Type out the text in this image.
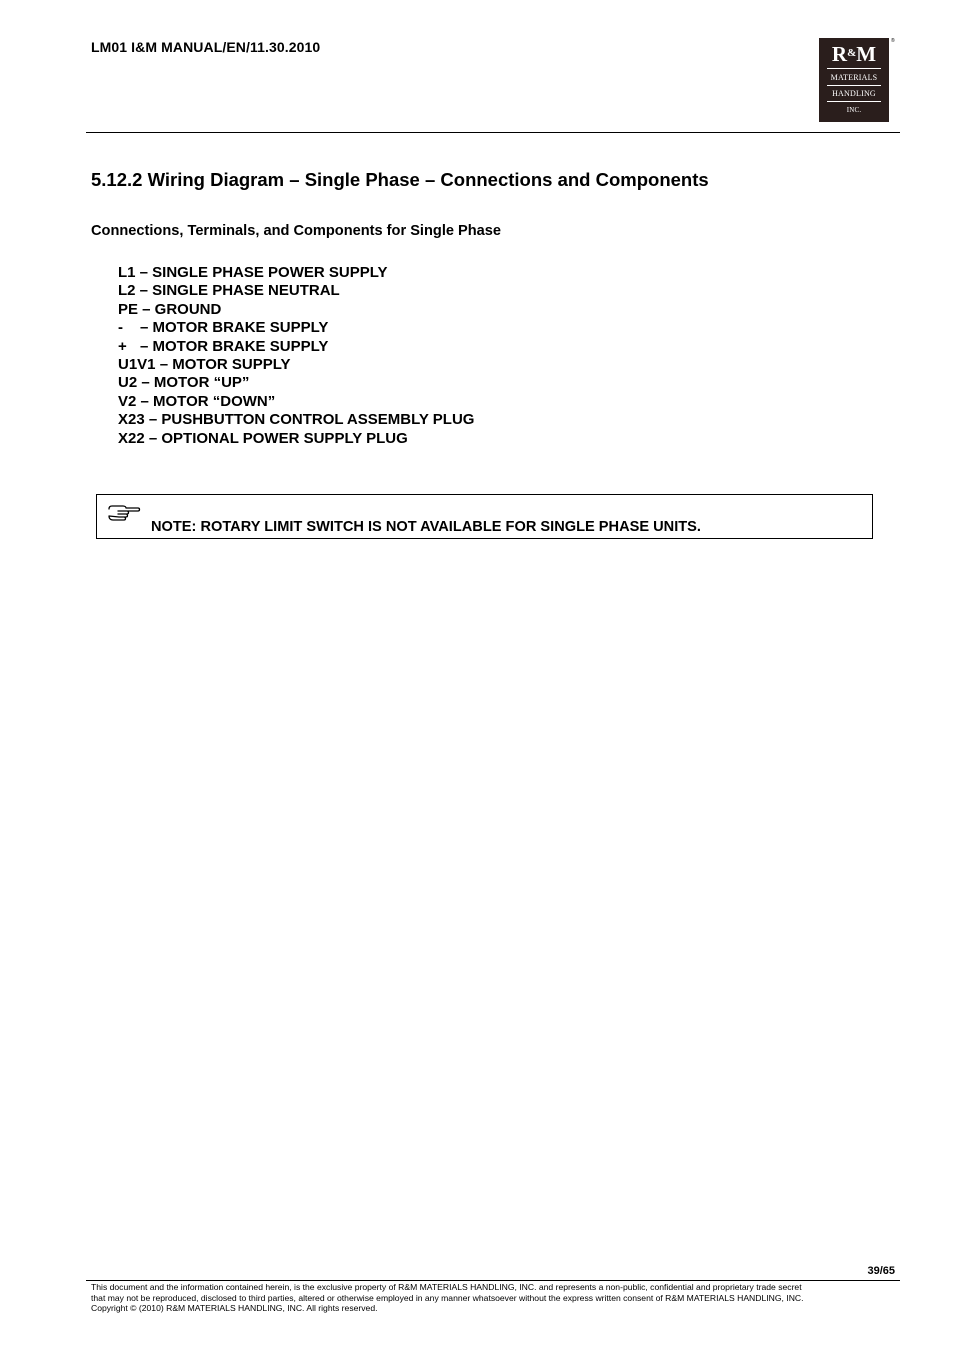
LM01 I&M MANUAL/EN/11.30.2010	R&M
MATERIALS
HANDLING
INC.
®
5.12.2 Wiring Diagram – Single Phase – Connections and Components
Connections, Terminals, and Components for Single Phase
L1 – SINGLE PHASE POWER SUPPLY
L2 – SINGLE PHASE NEUTRAL
PE – GROUND
- – MOTOR BRAKE SUPPLY
+ – MOTOR BRAKE SUPPLY
U1V1 – MOTOR SUPPLY
U2 – MOTOR “UP”
V2 – MOTOR “DOWN”
X23 – PUSHBUTTON CONTROL ASSEMBLY PLUG
X22 – OPTIONAL POWER SUPPLY PLUG
NOTE: ROTARY LIMIT SWITCH IS NOT AVAILABLE FOR SINGLE PHASE UNITS.
39/65
This document and the information contained herein, is the exclusive property of R&M MATERIALS HANDLING, INC. and represents a non-public, confidential and proprietary trade secret
that may not be reproduced, disclosed to third parties, altered or otherwise employed in any manner whatsoever without the express written consent of R&M MATERIALS HANDLING, INC.
Copyright © (2010) R&M MATERIALS HANDLING, INC. All rights reserved.
